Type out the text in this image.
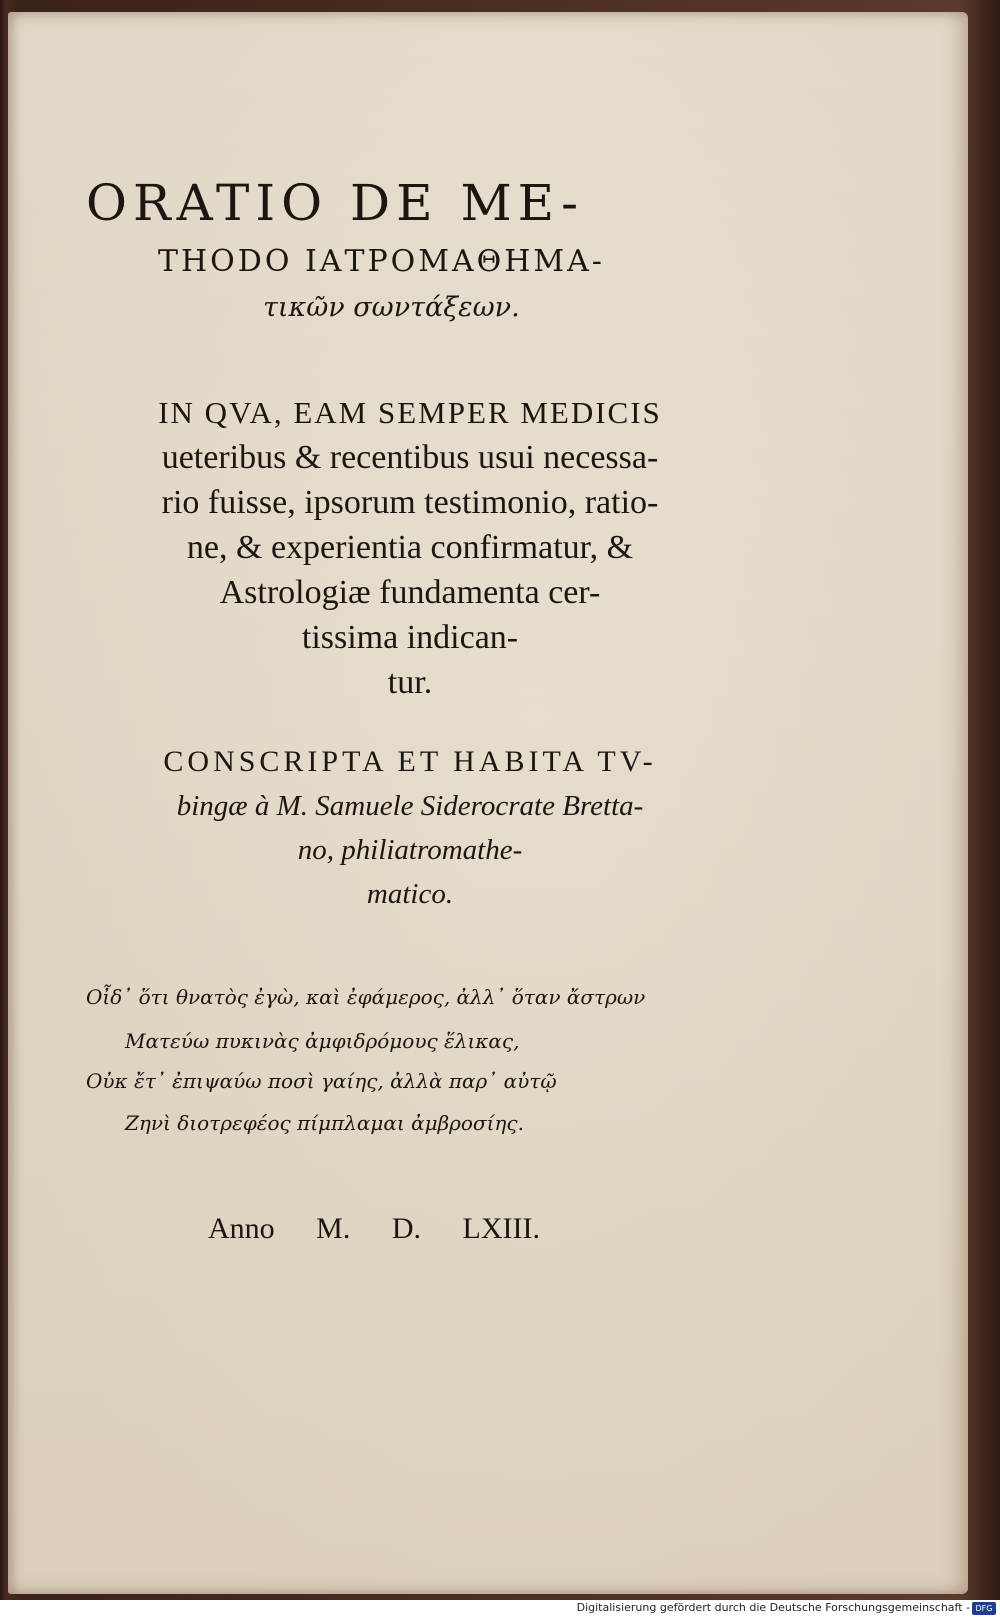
ORATIO DE ME-
THODO ΙΑΤΡΟΜΑΘΗΜΑ-
τικῶν σωντάξεων.
IN QVA, EAM SEMPER MEDICIS
ueteribus & recentibus usui necessa-
rio fuisse, ipsorum testimonio, ratio-
ne, & experientia confirmatur, &
Astrologiæ fundamenta cer-
tissima indican-
tur.
CONSCRIPTA ET HABITA TV-
bingæ à M. Samuele Siderocrate Bretta-
no, philiatromathe-
matico.
Οἶδ᾽ ὅτι θνατὸς ἐγὼ, καὶ ἐφάμερος, ἀλλ᾽ ὅταν ἄστρων
Ματεύω πυκινὰς ἀμφιδρόμους ἕλικας,
Οὐκ ἔτ᾽ ἐπιψαύω ποσὶ γαίης, ἀλλὰ παρ᾽ αὐτῷ
Ζηνὶ διοτρεφέος πίμπλαμαι ἀμβροσίης.
Anno M. D. LXIII.
Digitalisierung gefördert durch die Deutsche Forschungsgemeinschaft - DFG
